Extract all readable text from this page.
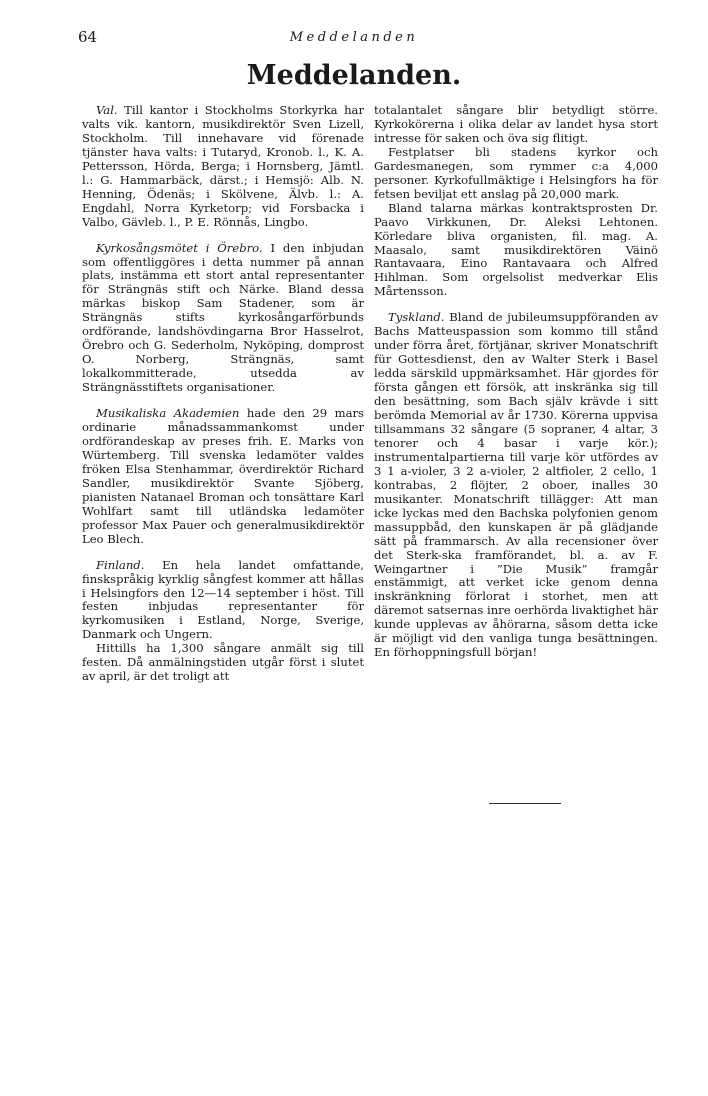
64	Meddelanden
Meddelanden.

Val. Till kantor i Stockholms Storkyrka har valts vik. kantorn, musikdirektör Sven Lizell, Stockholm. Till innehavare vid förenade tjänster hava valts: i Tutaryd, Kronob. l., K. A. Pettersson, Hörda, Berga; i Hornsberg, Jämtl. l.: G. Hammarbäck, därst.; i Hemsjö: Alb. N. Henning, Ödenäs; i Skölvene, Älvb. l.: A. Engdahl, Norra Kyrketorp; vid Forsbacka i Valbo, Gävleb. l., P. E. Rönnås, Lingbo.

Kyrkosångsmötet i Örebro. I den inbjudan som offentliggöres i detta nummer på annan plats, instämma ett stort antal representanter för Strängnäs stift och Närke. Bland dessa märkas biskop Sam Stadener, som är Strängnäs stifts kyrkosångarförbunds ordförande, landshövdingarna Bror Hasselrot, Örebro och G. Sederholm, Nyköping, domprost O. Norberg, Strängnäs, samt lokalkommitterade, utsedda av Strängnässtiftets organisationer.

Musikaliska Akademien hade den 29 mars ordinarie månadssammankomst under ordförandeskap av preses frih. E. Marks von Würtemberg. Till svenska ledamöter valdes fröken Elsa Stenhammar, överdirektör Richard Sandler, musikdirektör Svante Sjöberg, pianisten Natanael Broman och tonsättare Karl Wohlfart samt till utländska ledamöter professor Max Pauer och generalmusikdirektör Leo Blech.

Finland. En hela landet omfattande, finskspråkig kyrklig sångfest kommer att hållas i Helsingfors den 12—14 september i höst. Till festen inbjudas representanter för kyrkomusiken i Estland, Norge, Sverige, Danmark och Ungern.

Hittills ha 1,300 sångare anmält sig till festen. Då anmälningstiden utgår först i slutet av april, är det troligt att

totalantalet sångare blir betydligt större. Kyrkokörerna i olika delar av landet hysa stort intresse för saken och öva sig flitigt.

Festplatser bli stadens kyrkor och Gardesmanegen, som rymmer c:a 4,000 personer. Kyrkofullmäktige i Helsingfors ha för fetsen beviljat ett anslag på 20,000 mark.

Bland talarna märkas kontraktsprosten Dr. Paavo Virkkunen, Dr. Aleksi Lehtonen. Körledare bliva organisten, fil. mag. A. Maasalo, samt musikdirektören Väinö Rantavaara, Eino Rantavaara och Alfred Hihlman. Som orgelsolist medverkar Elis Mårtensson.

Tyskland. Bland de jubileumsuppföranden av Bachs Matteuspassion som kommo till stånd under förra året, förtjänar, skriver Monatschrift für Gottesdienst, den av Walter Sterk i Basel ledda särskild uppmärksamhet. Här gjordes för första gången ett försök, att inskränka sig till den besättning, som Bach själv krävde i sitt berömda Memorial av år 1730. Körerna uppvisa tillsammans 32 sångare (5 sopraner, 4 altar, 3 tenorer och 4 basar i varje kör.); instrumentalpartierna till varje kör utfördes av 3 1 a-violer, 3 2 a-violer, 2 altfioler, 2 cello, 1 kontrabas, 2 flöjter, 2 oboer, inalles 30 musikanter. Monatschrift tillägger: Att man icke lyckas med den Bachska polyfonien genom massuppbåd, den kunskapen är på glädjande sätt på frammarsch. Av alla recensioner över det Sterk-ska framförandet, bl. a. av F. Weingartner i ”Die Musik” framgår enstämmigt, att verket icke genom denna inskränkning förlorat i storhet, men att däremot satsernas inre oerhörda livaktighet här kunde upplevas av åhörarna, såsom detta icke är möjligt vid den vanliga tunga besättningen. En förhoppningsfull början!
